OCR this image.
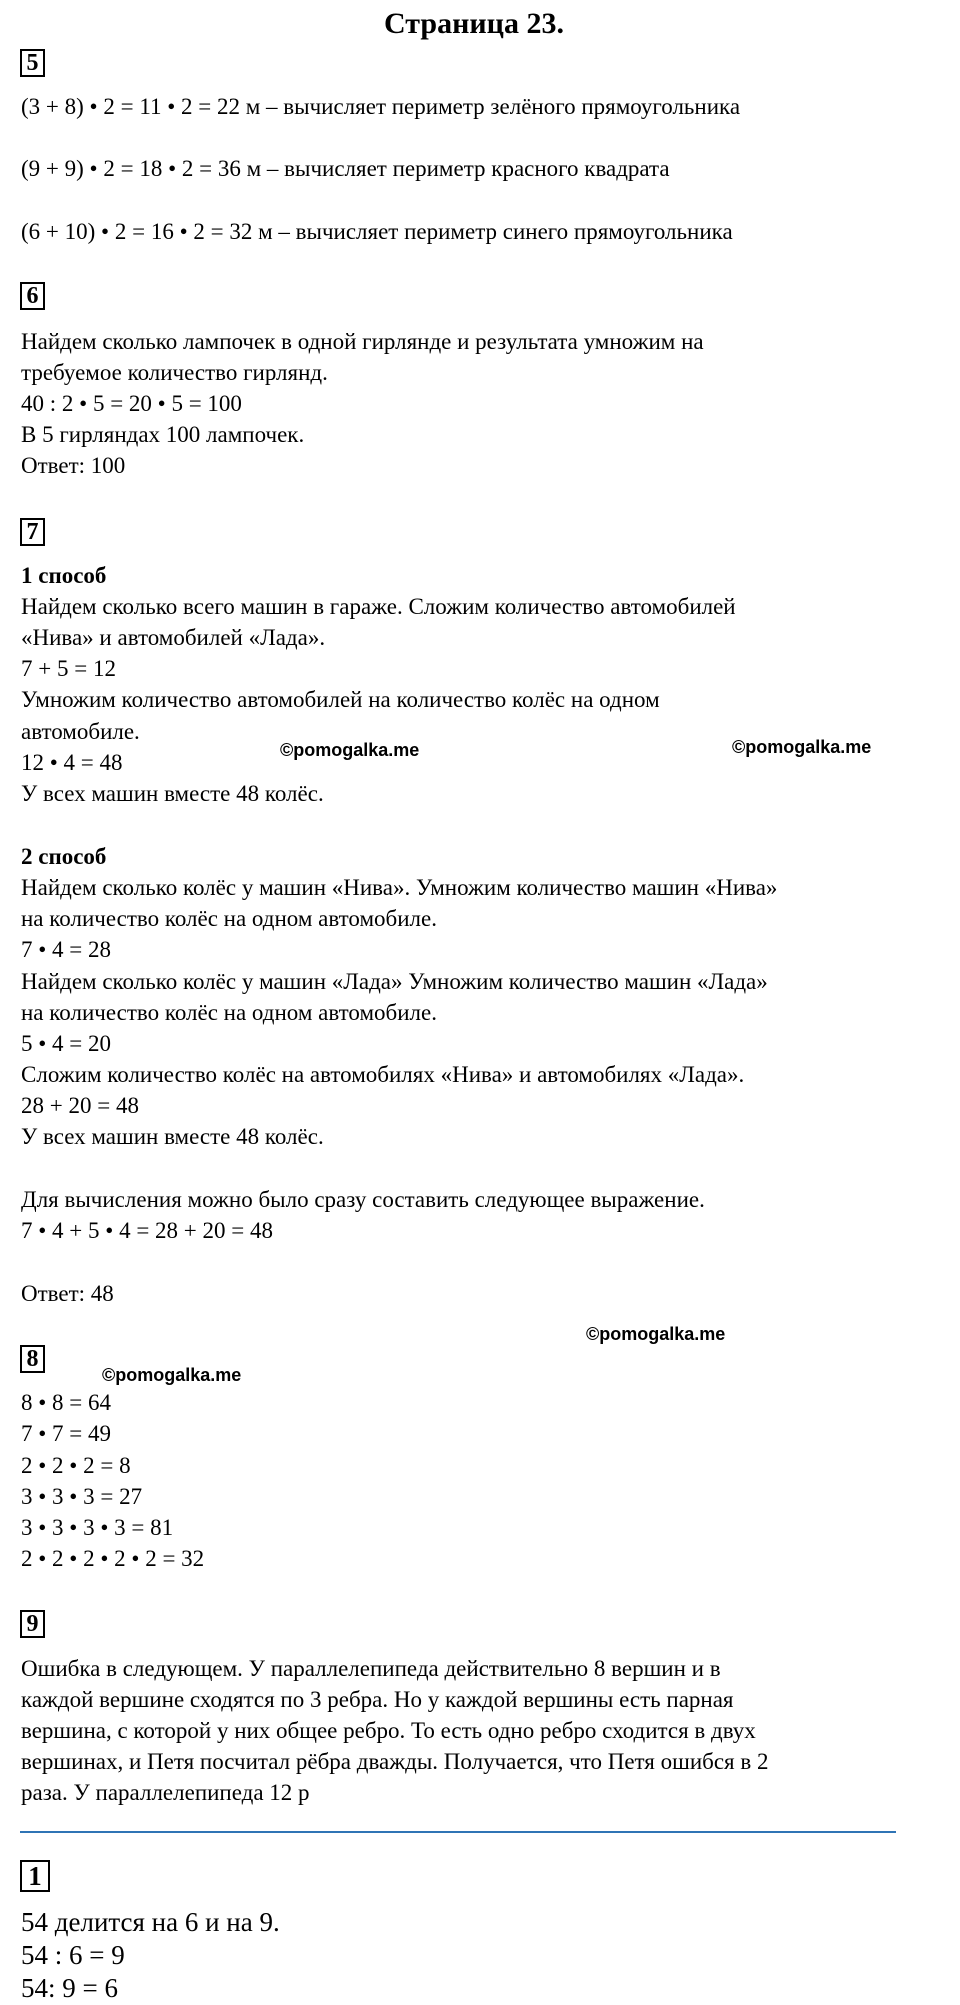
Страница 23.
5
(3 + 8) • 2 = 11 • 2 = 22 м – вычисляет периметр зелёного прямоугольника
(9 + 9) • 2 = 18 • 2 = 36 м – вычисляет периметр красного квадрата
(6 + 10) • 2 = 16 • 2 = 32 м – вычисляет периметр синего прямоугольника
6
Найдем сколько лампочек в одной гирлянде и результата умножим на
требуемое количество гирлянд.
40 : 2 • 5 = 20 • 5 = 100
В 5 гирляндах 100 лампочек.
Ответ: 100
7
1 способ
Найдем сколько всего машин в гараже. Сложим количество автомобилей
«Нива» и автомобилей «Лада».
7 + 5 = 12
Умножим количество автомобилей на количество колёс на одном
автомобиле.
12 • 4 = 48
У всех машин вместе 48 колёс.
©pomogalka.me	©pomogalka.me
2 способ
Найдем сколько колёс у машин «Нива». Умножим количество машин «Нива»
на количество колёс на одном автомобиле.
7 • 4 = 28
Найдем сколько колёс у машин «Лада» Умножим количество машин «Лада»
на количество колёс на одном автомобиле.
5 • 4 = 20
Сложим количество колёс на автомобилях «Нива» и автомобилях «Лада».
28 + 20 = 48
У всех машин вместе 48 колёс.
Для вычисления можно было сразу составить следующее выражение.
7 • 4 + 5 • 4 = 28 + 20 = 48
Ответ: 48
©pomogalka.me
8
©pomogalka.me
8 • 8 = 64
7 • 7 = 49
2 • 2 • 2 = 8
3 • 3 • 3 = 27
3 • 3 • 3 • 3 = 81
2 • 2 • 2 • 2 • 2 = 32
9
Ошибка в следующем. У параллелепипеда действительно 8 вершин и в
каждой вершине сходятся по 3 ребра. Но у каждой вершины есть парная
вершина, с которой у них общее ребро. То есть одно ребро сходится в двух
вершинах, и Петя посчитал рёбра дважды. Получается, что Петя ошибся в 2
раза. У параллелепипеда 12 р
1
54 делится на 6 и на 9.
54 : 6 = 9
54: 9 = 6
